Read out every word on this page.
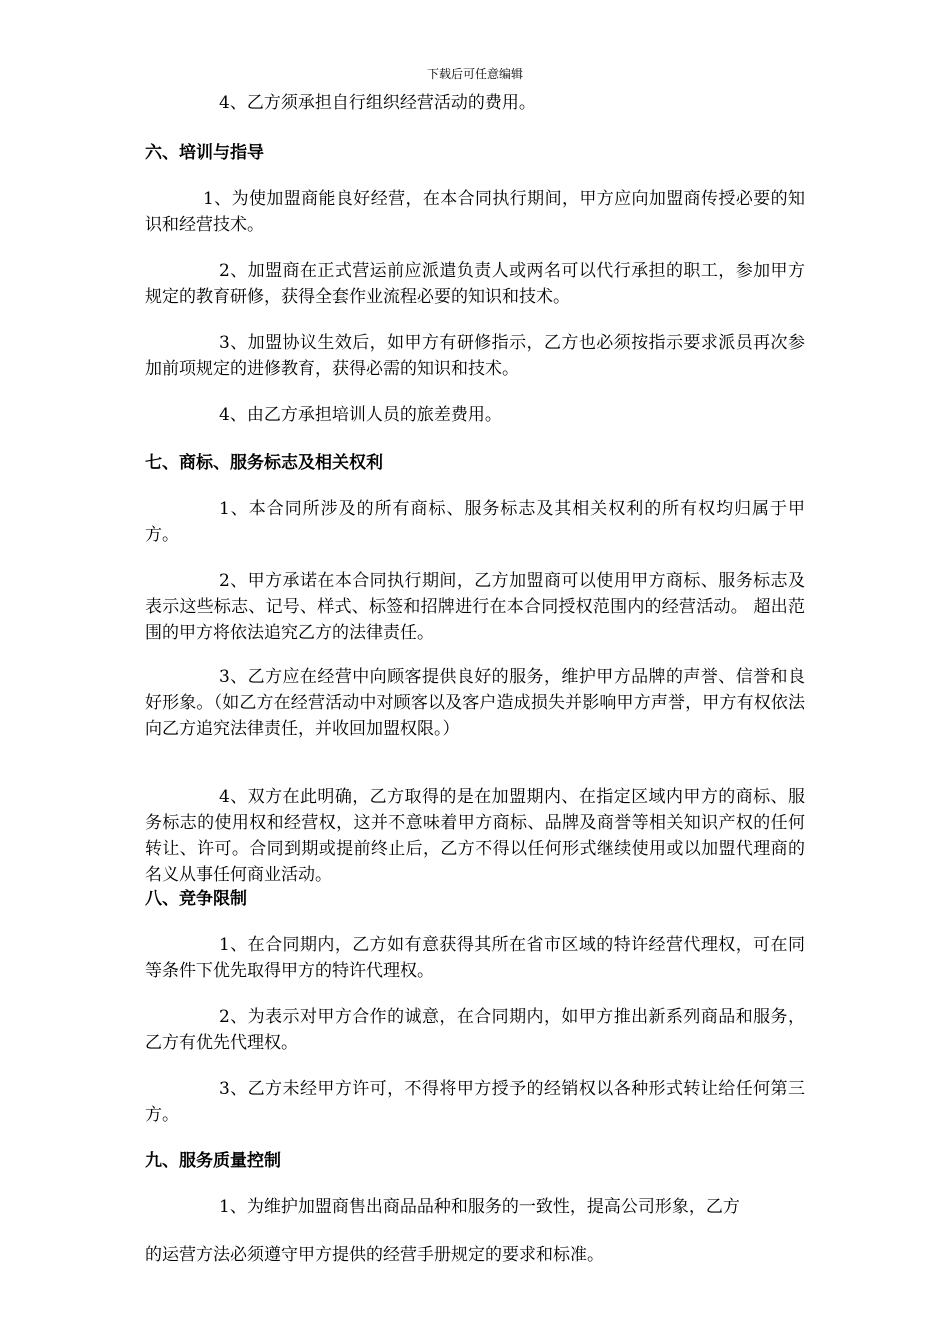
下载后可任意编辑

4、乙方须承担自行组织经营活动的费用。

六、培训与指导

1、为使加盟商能良好经营，在本合同执行期间，甲方应向加盟商传授必要的知识和经营技术。

2、加盟商在正式营运前应派遣负责人或两名可以代行承担的职工，参加甲方规定的教育研修，获得全套作业流程必要的知识和技术。

3、加盟协议生效后，如甲方有研修指示，乙方也必须按指示要求派员再次参加前项规定的进修教育，获得必需的知识和技术。

4、由乙方承担培训人员的旅差费用。

七、商标、服务标志及相关权利

1、本合同所涉及的所有商标、服务标志及其相关权利的所有权均归属于甲方。

2、甲方承诺在本合同执行期间，乙方加盟商可以使用甲方商标、服务标志及表示这些标志、记号、样式、标签和招牌进行在本合同授权范围内的经营活动。 超出范围的甲方将依法追究乙方的法律责任。

3、乙方应在经营中向顾客提供良好的服务，维护甲方品牌的声誉、信誉和良好形象。（如乙方在经营活动中对顾客以及客户造成损失并影响甲方声誉，甲方有权依法向乙方追究法律责任，并收回加盟权限。）

4、双方在此明确，乙方取得的是在加盟期内、在指定区域内甲方的商标、服务标志的使用权和经营权，这并不意味着甲方商标、品牌及商誉等相关知识产权的任何转让、许可。合同到期或提前终止后，乙方不得以任何形式继续使用或以加盟代理商的名义从事任何商业活动。

八、竞争限制

1、在合同期内，乙方如有意获得其所在省市区域的特许经营代理权，可在同等条件下优先取得甲方的特许代理权。

2、为表示对甲方合作的诚意，在合同期内，如甲方推出新系列商品和服务，乙方有优先代理权。

3、乙方未经甲方许可，不得将甲方授予的经销权以各种形式转让给任何第三方。

九、服务质量控制

1、为维护加盟商售出商品品种和服务的一致性，提高公司形象，乙方

的运营方法必须遵守甲方提供的经营手册规定的要求和标准。
